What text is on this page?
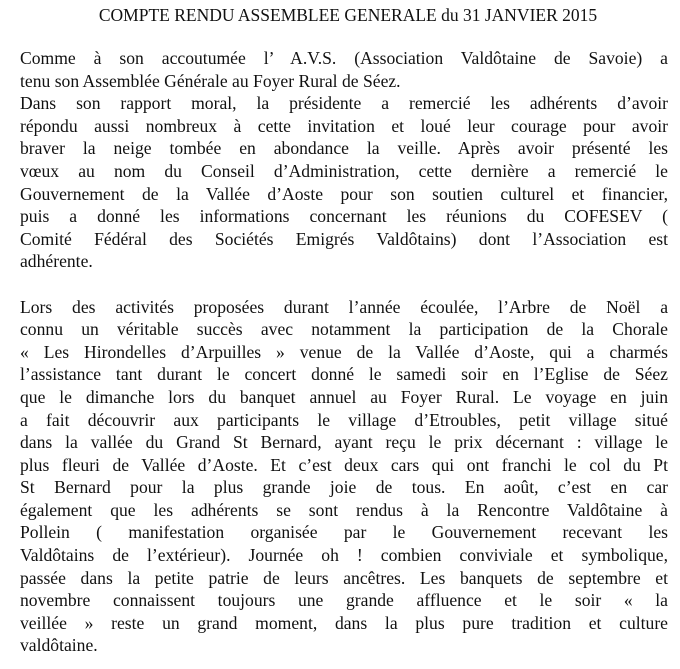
COMPTE RENDU ASSEMBLEE GENERALE du 31 JANVIER 2015
Comme à son accoutumée l’ A.V.S. (Association Valdôtaine de Savoie) a
tenu son Assemblée Générale au Foyer Rural de Séez.
Dans son rapport moral, la présidente a remercié les adhérents d’avoir
répondu aussi nombreux à cette invitation et loué leur courage pour avoir
braver la neige tombée en abondance la veille. Après avoir présenté les
vœux au nom du Conseil d’Administration, cette dernière a remercié le
Gouvernement de la Vallée d’Aoste pour son soutien culturel et financier,
puis a donné les informations concernant les réunions du COFESEV (
Comité Fédéral des Sociétés Emigrés Valdôtains) dont l’Association est
adhérente.
Lors des activités proposées durant l’année écoulée, l’Arbre de Noël a
connu un véritable succès avec notamment la participation de la Chorale
« Les Hirondelles d’Arpuilles » venue de la Vallée d’Aoste, qui a charmés
l’assistance tant durant le concert donné le samedi soir en l’Eglise de Séez
que le dimanche lors du banquet annuel au Foyer Rural. Le voyage en juin
a fait découvrir aux participants le village d’Etroubles, petit village situé
dans la vallée du Grand St Bernard, ayant reçu le prix décernant : village le
plus fleuri de Vallée d’Aoste. Et c’est deux cars qui ont franchi le col du Pt
St Bernard pour la plus grande joie de tous. En août, c’est en car
également que les adhérents se sont rendus à la Rencontre Valdôtaine à
Pollein ( manifestation organisée par le Gouvernement recevant les
Valdôtains de l’extérieur). Journée oh ! combien conviviale et symbolique,
passée dans la petite patrie de leurs ancêtres. Les banquets de septembre et
novembre connaissent toujours une grande affluence et le soir « la
veillée » reste un grand moment, dans la plus pure tradition et culture
valdôtaine.
